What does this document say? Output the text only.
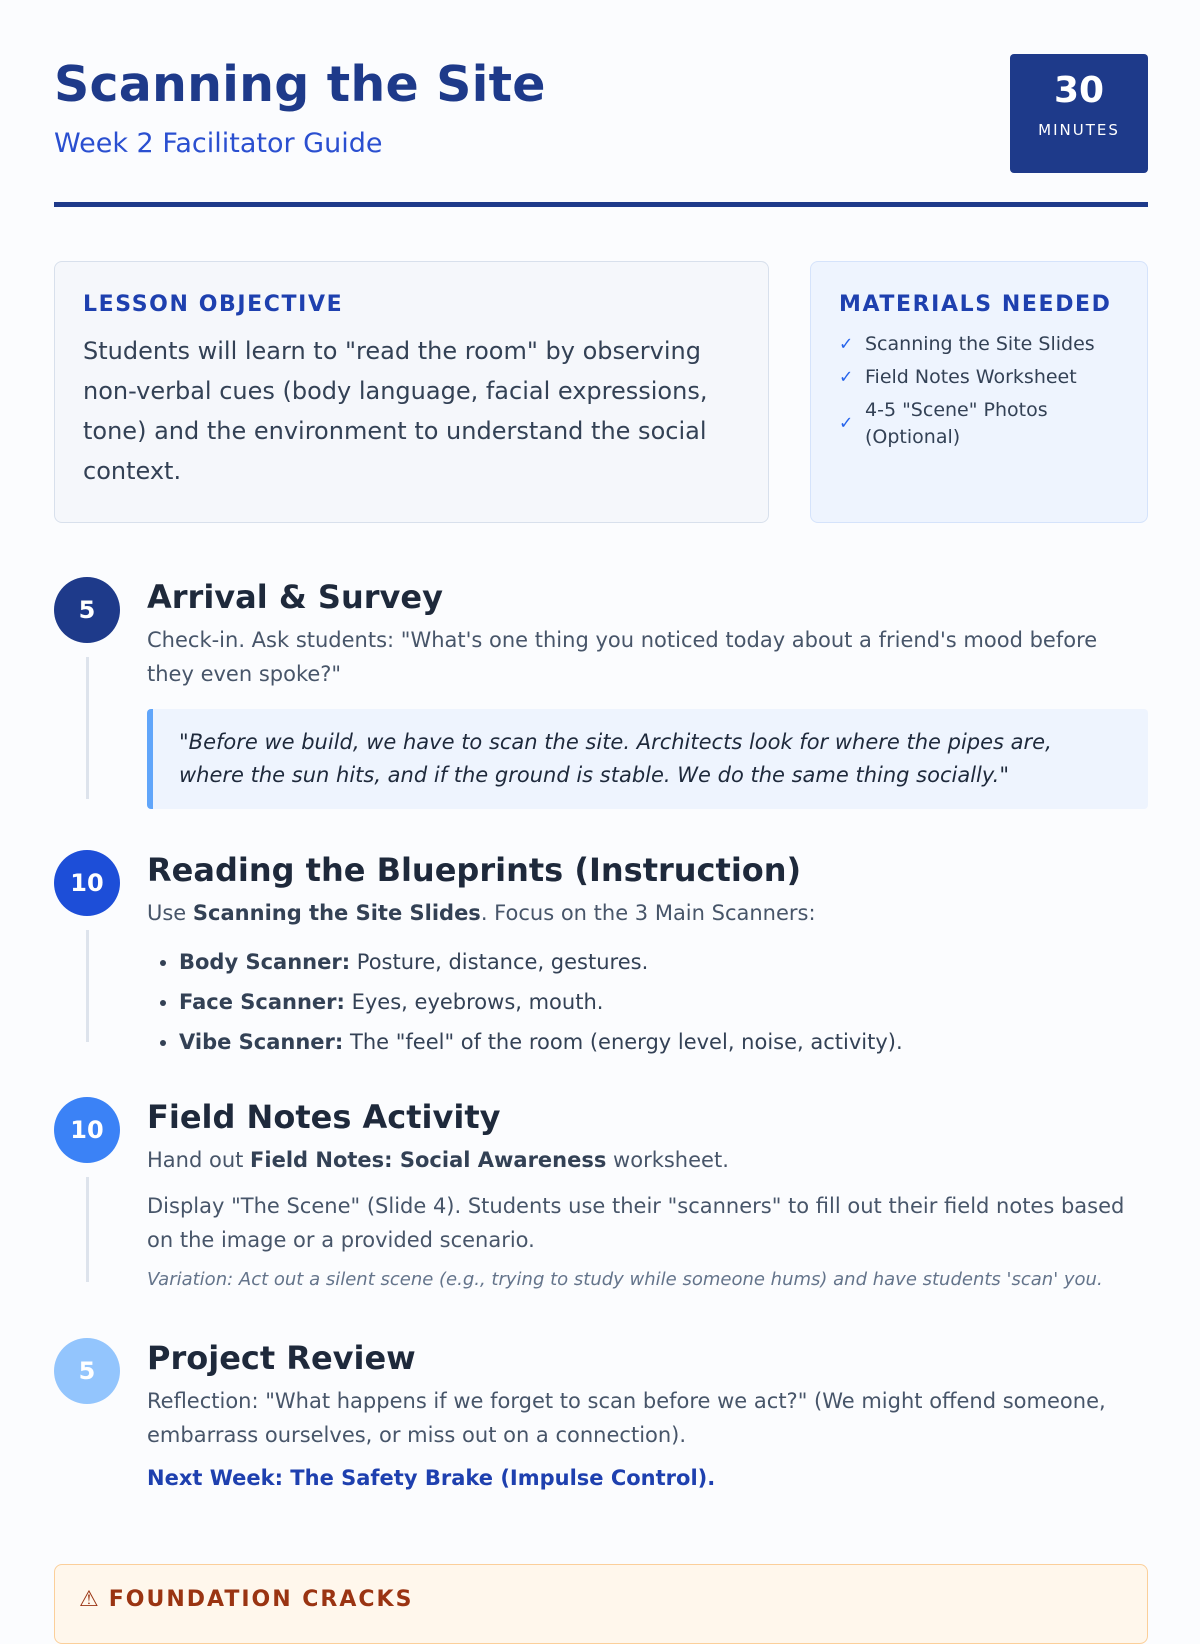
Scanning the Site
Week 2 Facilitator Guide
30
MINUTES
LESSON OBJECTIVE

Students will learn to "read the room" by observing non-verbal cues (body language, facial expressions, tone) and the environment to understand the social context.

MATERIALS NEEDED
✓ Scanning the Site Slides
✓ Field Notes Worksheet
✓
4-5 "Scene" Photos (Optional)
5	Arrival & Survey

Check-in. Ask students: "What's one thing you noticed today about a friend's mood before they even spoke?"

"Before we build, we have to scan the site. Architects look for where the pipes are, where the sun hits, and if the ground is stable. We do the same thing socially."
10	Reading the Blueprints (Instruction)

Use Scanning the Site Slides. Focus on the 3 Main Scanners:

• Body Scanner: Posture, distance, gestures.
• Face Scanner: Eyes, eyebrows, mouth.
• Vibe Scanner: The "feel" of the room (energy level, noise, activity).
10	Field Notes Activity

Hand out Field Notes: Social Awareness worksheet.

Display "The Scene" (Slide 4). Students use their "scanners" to fill out their field notes based on the image or a provided scenario.

Variation: Act out a silent scene (e.g., trying to study while someone hums) and have students 'scan' you.
5	Project Review

Reflection: "What happens if we forget to scan before we act?" (We might offend someone, embarrass ourselves, or miss out on a connection).

Next Week: The Safety Brake (Impulse Control).
⚠ FOUNDATION CRACKS
